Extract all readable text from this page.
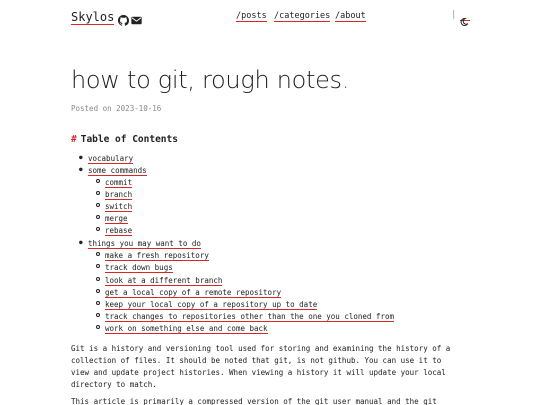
Skylos	/posts /categories /about	|
how to git, rough notes.
Posted on 2023-10-16
# Table of Contents
● vocabulary
● some commands
commit
branch
switch
merge
rebase
● things you may want to do
make a fresh repository
track down bugs
look at a different branch
get a local copy of a remote repository
keep your local copy of a repository up to date
track changes to repositories other than the one you cloned from
work on something else and come back
Git is a history and versioning tool used for storing and examining the history of a
collection of files. It should be noted that git, is not github. You can use it to
view and update project histories. When viewing a history it will update your local
directory to match.
This article is primarily a compressed version of the git user manual and the git
